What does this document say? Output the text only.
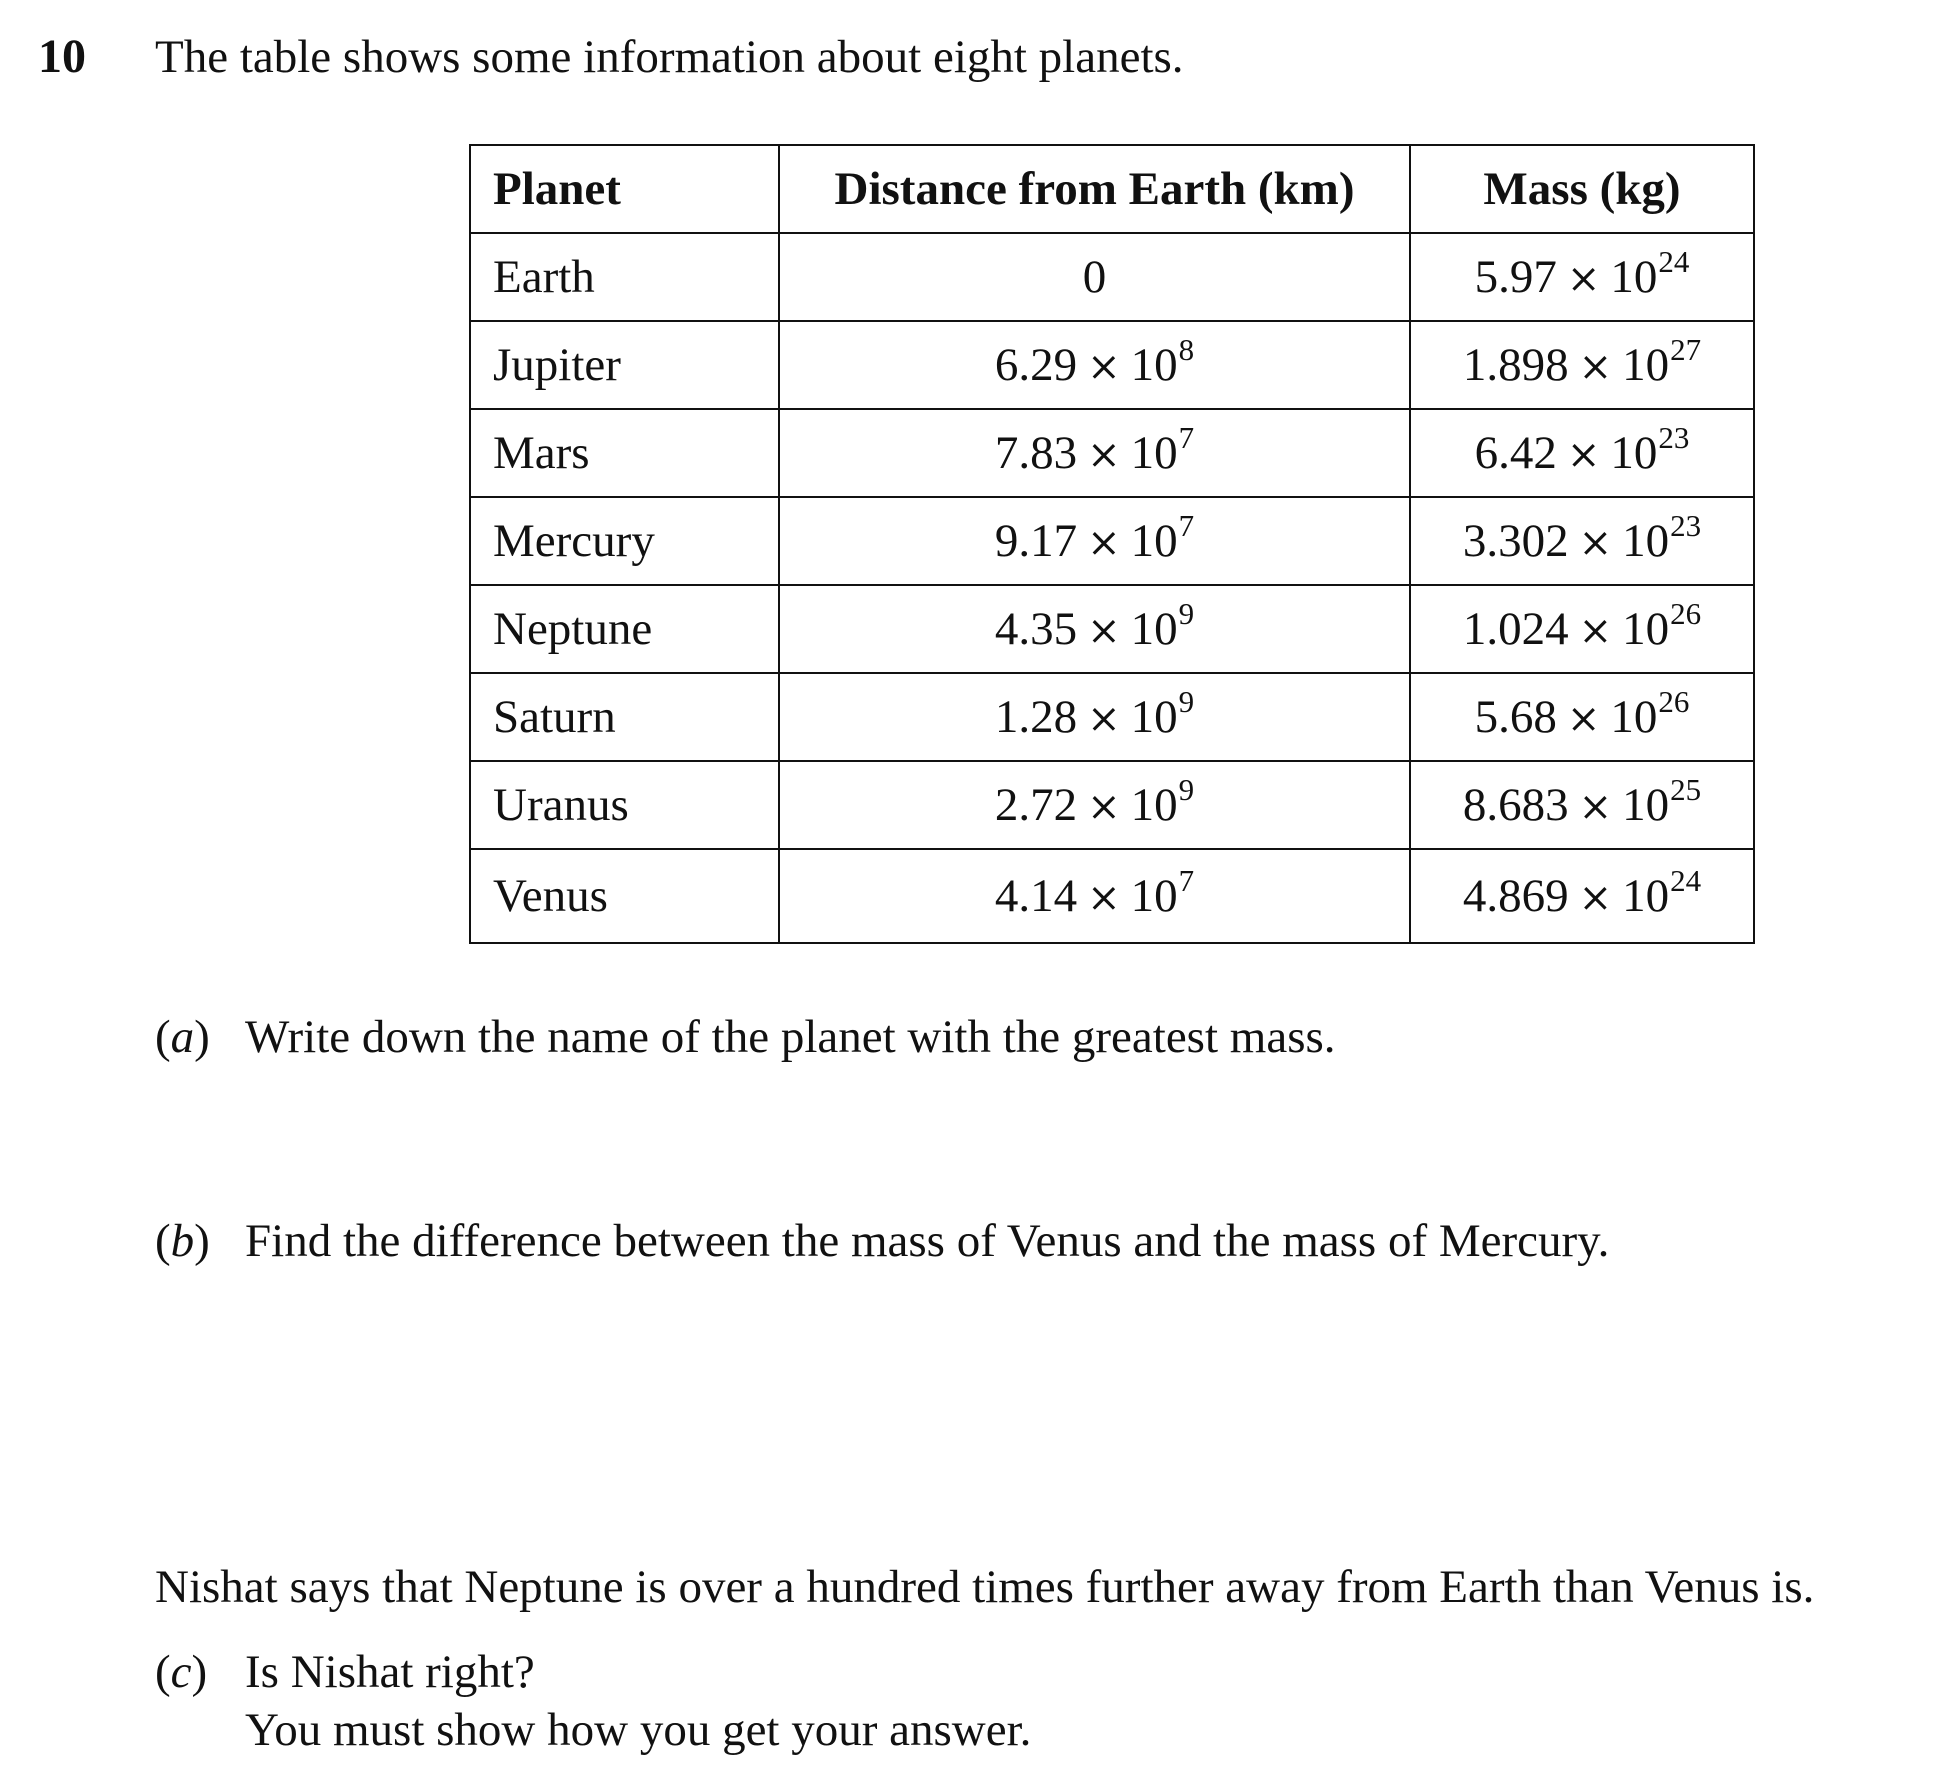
10 The table shows some information about eight planets.
Planet	Distance from Earth (km)	Mass (kg)
Earth	0	$5.97 \times 10^{24}$
Jupiter	$6.29 \times 10^8$	$1.898 \times 10^{27}$
Mars	$7.83 \times 10^7$	$6.42 \times 10^{23}$
Mercury	$9.17 \times 10^7$	$3.302 \times 10^{23}$
Neptune	$4.35 \times 10^9$	$1.024 \times 10^{26}$
Saturn	$1.28 \times 10^9$	$5.68 \times 10^{26}$
Uranus	$2.72 \times 10^9$	$8.683 \times 10^{25}$
Venus	$4.14 \times 10^7$	$4.869 \times 10^{24}$
(a) Write down the name of the planet with the greatest mass.
(b) Find the difference between the mass of Venus and the mass of Mercury.
Nishat says that Neptune is over a hundred times further away from Earth than Venus is.
(c) Is Nishat right?
You must show how you get your answer.
